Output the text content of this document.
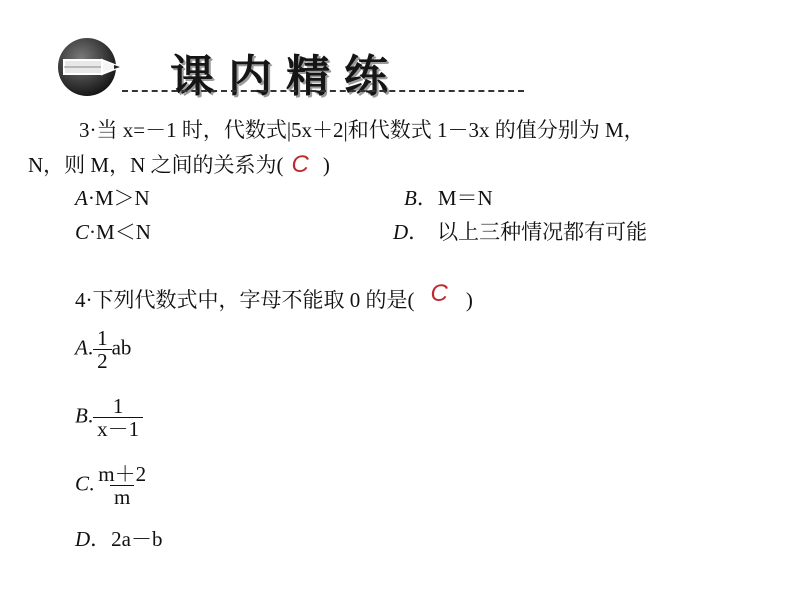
课内精练
3·当 x=－1 时，代数式|5x＋2|和代数式 1－3x 的值分别为 M，
N，则 M，N 之间的关系为( C )
A·M＞N	B．M＝N
C·M＜N	D． 以上三种情况都有可能
4·下列代数式中，字母不能取 0 的是( C )
A. $\frac{1}{2}$ ab
B. $\frac{1}{x-1}$
C. $\frac{m+2}{m}$
D．2a－b
